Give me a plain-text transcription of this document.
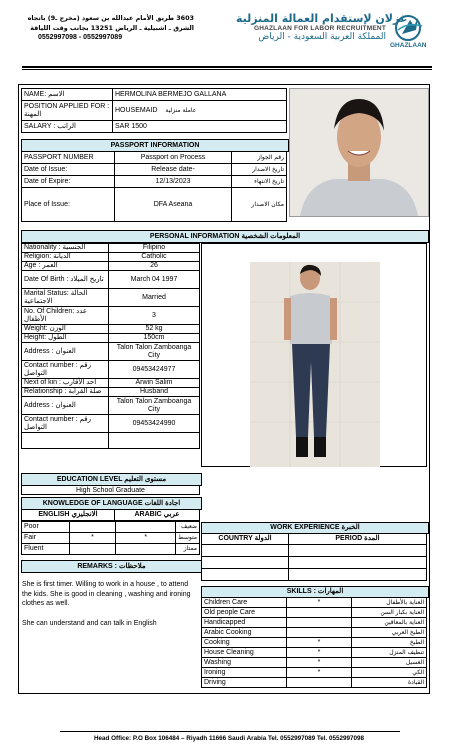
3603 طريق الأمام عبدالله بن سعود (مخرج ـ9) باتجاه
الشرق ـ اشبيلية ـ الرياض 13251 بجانب وقت اللياقة
0552997098 - 0552997089
غزلان لإستقدام العمالة المنزلية
GHAZLAAN FOR LABOR RECRUITMENT
المملكة العربية السعودية - الرياض
GHAZLAAN
NAME: الاسم	HERMOLINA BERMEJO GALLANA
POSITION APPLIED FOR : المهنة	HOUSEMAID عاملة منزلية
SALARY : الراتب	SAR 1500
PASSPORT INFORMATION
PASSPORT NUMBER	Passport on Process	رقم الجواز
Date of Issue:	Release date-	تاريخ الاصدار
Date of Expire:	12/13/2023	تاريخ الانتهاء
Place of Issue:	DFA Aseana	مكان الاصدار
PERSONAL INFORMATION المعلومات الشخصية
Nationality : الجنسية	Filipino
Religion: الديانة	Catholic
Age : العمر	26
Date Of Birth : تاريخ الميلاد	March 04 1997
Marital Status: الحالة الاجتماعية	Married
No. Of Children: عدد الأطفال	3
Weight: الوزن	52 kg
Height: الطول	150cm
Address : العنوان	Talon Talon Zamboanga City
Contact number : رقم التواصل	09453424977
Next of kin : احد الأقارب	Arwin Salim
Relationship : صلة القرابة	Husband
Address : العنوان	Talon Talon Zamboanga City
Contact number : رقم التواصل	09453424990

EDUCATION LEVEL مستوى التعليم
High School Graduate
KNOWLEDGE OF LANGUAGE اجادة اللغات
ENGLISH الانجليزي	ARABIC عربي
Poor			ضعيف
Fair	*	*	متوسط
Fluent			ممتاز
WORK EXPERIENCE الخبرة
COUNTRY الدولة	PERIOD المدة

REMARKS : ملاحظات
She is first timer. Willing to work in a house , to attend the kids. She is good in cleaning , washing and ironing clothes as well.
She can understand and can talk in English
SKILLS : المهارات
Children Care	*	العناية بالأطفال
Old people Care		العناية بكبار السن
Handicapped		العناية بالمعاقين
Arabic Cooking		الطبخ العربي
Cooking	*	الطبخ
House Cleaning	*	تنظيف المنزل
Washing	*	الغسيل
Ironing	*	الكي
Driving		القيادة
Head Office: P.O Box 106484 – Riyadh 11666 Saudi Arabia Tel. 0552997089 Tel. 0552997098
